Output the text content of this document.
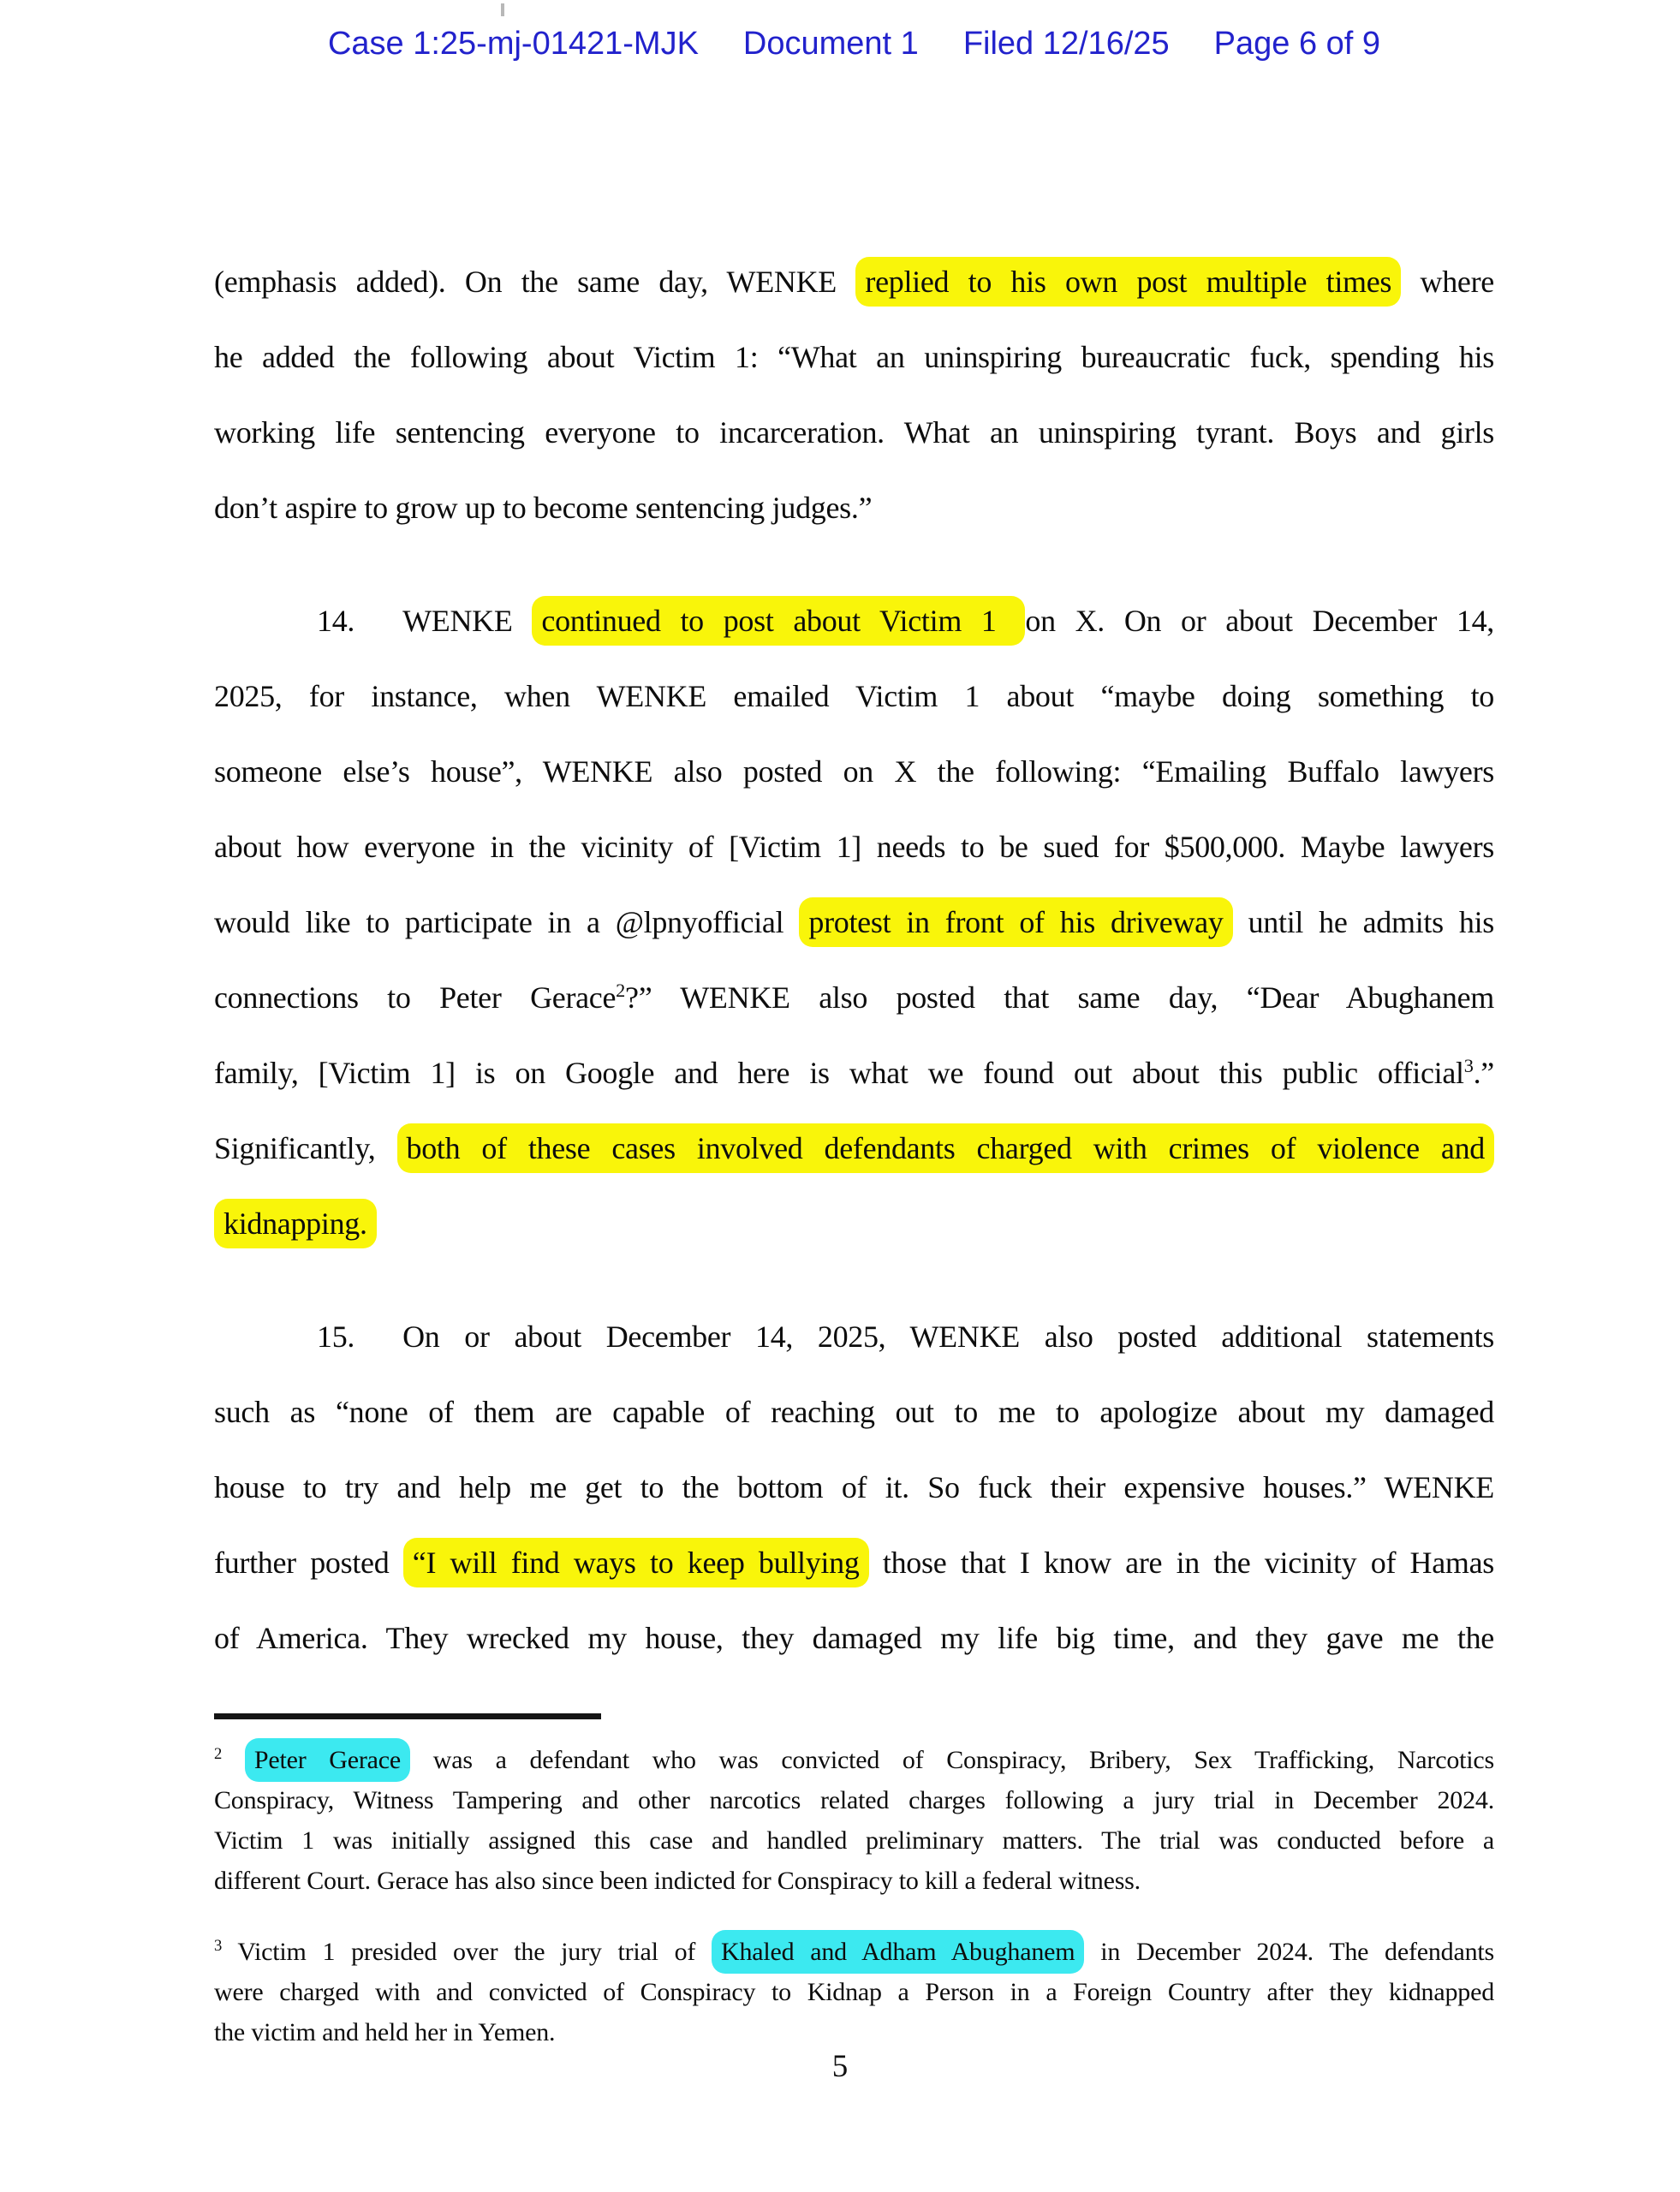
Case 1:25-mj-01421-MJK Document 1 Filed 12/16/25 Page 6 of 9
(emphasis added). On the same day, WENKE replied to his own post multiple times where
he added the following about Victim 1: “What an uninspiring bureaucratic fuck, spending his
working life sentencing everyone to incarceration. What an uninspiring tyrant. Boys and girls
don’t aspire to grow up to become sentencing judges.”
14. WENKE continued to post about Victim 1 on X. On or about December 14,
2025, for instance, when WENKE emailed Victim 1 about “maybe doing something to
someone else’s house”, WENKE also posted on X the following: “Emailing Buffalo lawyers
about how everyone in the vicinity of [Victim 1] needs to be sued for $500,000. Maybe lawyers
would like to participate in a @lpnyofficial protest in front of his driveway until he admits his
connections to Peter Gerace$^2$?” WENKE also posted that same day, “Dear Abughanem
family, [Victim 1] is on Google and here is what we found out about this public official$^3$.”
Significantly, both of these cases involved defendants charged with crimes of violence and
kidnapping.
15. On or about December 14, 2025, WENKE also posted additional statements
such as “none of them are capable of reaching out to me to apologize about my damaged
house to try and help me get to the bottom of it. So fuck their expensive houses.” WENKE
further posted “I will find ways to keep bullying those that I know are in the vicinity of Hamas
of America. They wrecked my house, they damaged my life big time, and they gave me the
$^2$ Peter Gerace was a defendant who was convicted of Conspiracy, Bribery, Sex Trafficking, Narcotics
Conspiracy, Witness Tampering and other narcotics related charges following a jury trial in December 2024.
Victim 1 was initially assigned this case and handled preliminary matters. The trial was conducted before a
different Court. Gerace has also since been indicted for Conspiracy to kill a federal witness.
$^3$ Victim 1 presided over the jury trial of Khaled and Adham Abughanem in December 2024. The defendants
were charged with and convicted of Conspiracy to Kidnap a Person in a Foreign Country after they kidnapped
the victim and held her in Yemen.
5
